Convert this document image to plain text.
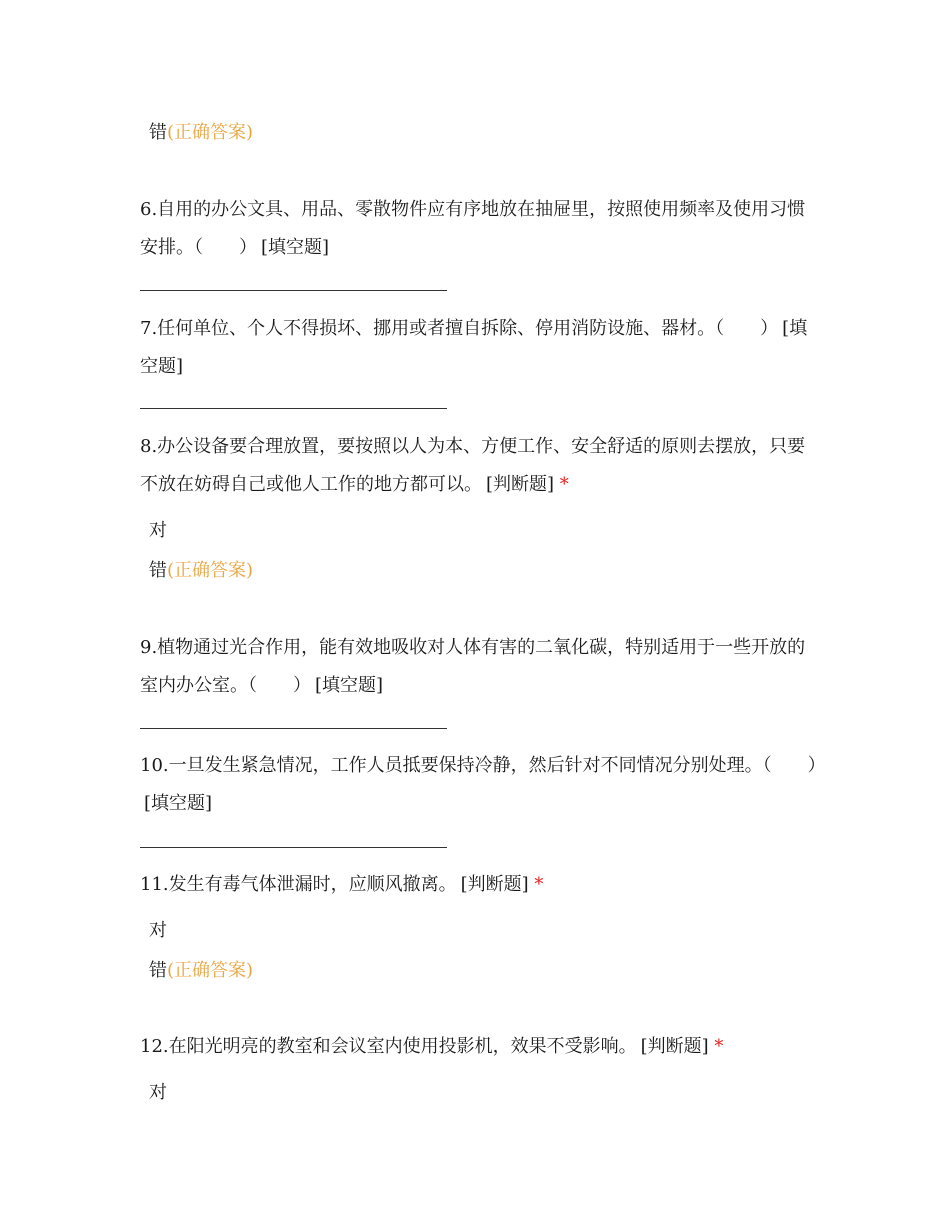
错(正确答案)
6.自用的办公文具、用品、零散物件应有序地放在抽屉里，按照使用频率及使用习惯安排。（　　） [填空题]
7.任何单位、个人不得损坏、挪用或者擅自拆除、停用消防设施、器材。（　　） [填空题]
8.办公设备要合理放置，要按照以人为本、方便工作、安全舒适的原则去摆放，只要不放在妨碍自己或他人工作的地方都可以。 [判断题] *
对
错(正确答案)
9.植物通过光合作用，能有效地吸收对人体有害的二氧化碳，特别适用于一些开放的室内办公室。（　　） [填空题]
10.一旦发生紧急情况，工作人员抵要保持冷静，然后针对不同情况分别处理。（　　）[填空题]
11.发生有毒气体泄漏时，应顺风撤离。 [判断题] *
对
错(正确答案)
12.在阳光明亮的教室和会议室内使用投影机，效果不受影响。 [判断题] *
对
